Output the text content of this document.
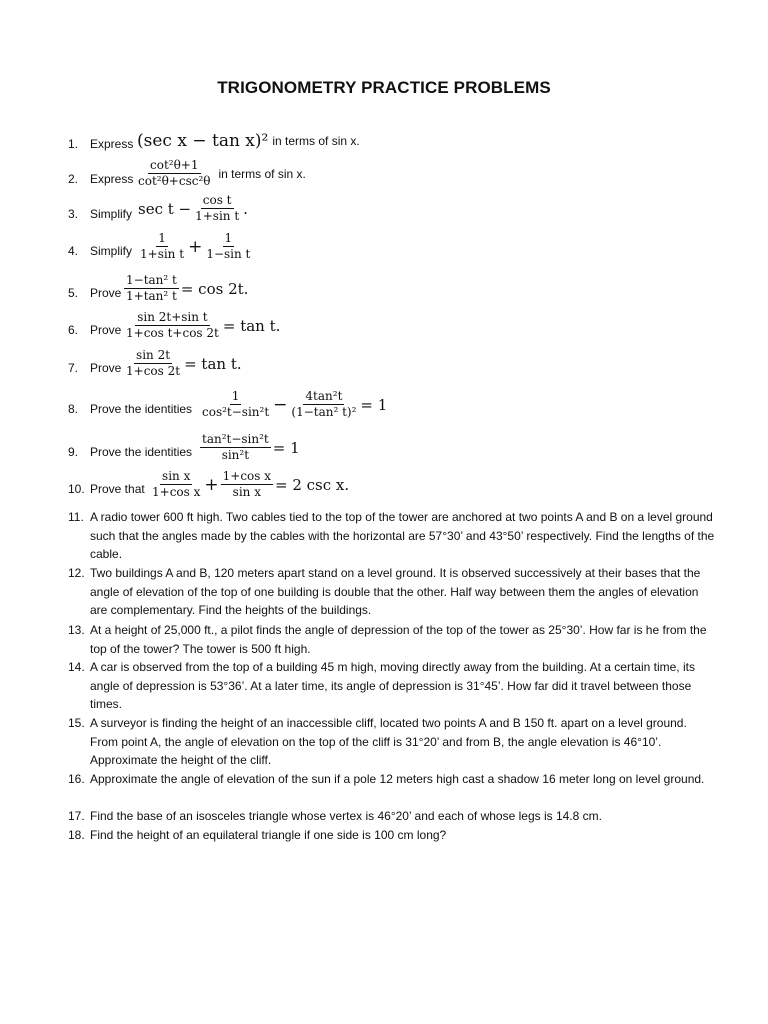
TRIGONOMETRY PRACTICE PROBLEMS
1. Express (sec x − tan x)² in terms of sin x.
2. Express $\frac{\text{cot²θ+1}}{\text{cot²θ+csc²θ}}$ in terms of sin x.
3. Simplify $\sec t - \frac{\text{cos t}}{\text{1+sin t}}$ .
4. Simplify $\frac{1}{\text{1+sin t}} + \frac{1}{\text{1−sin t}}$
5. Prove $\frac{\text{1−tan² t}}{\text{1+tan² t}} = \cos 2t$.
6. Prove $\frac{\text{sin 2t+sin t}}{\text{1+cos t+cos 2t}} = \tan t$.
7. Prove $\frac{\sin 2t}{1+\cos 2t} = \tan t$.
8. Prove the identities $\frac{1}{\text{cos²t−sin²t}} - \frac{\text{4tan²t}}{\text{(1−tan² t)²}} = 1$
9. Prove the identities $\frac{\text{tan²t−sin²t}}{\text{sin²t}} = 1$
10. Prove that $\frac{\text{sin x}}{\text{1+cos x}} + \frac{\text{1+cos x}}{\text{sin x}} = 2$ csc x.
11. A radio tower 600 ft high. Two cables tied to the top of the tower are anchored at two points A and B on a level ground such that the angles made by the cables with the horizontal are 57°30’ and 43°50’ respectively. Find the lengths of the cable.
12. Two buildings A and B, 120 meters apart stand on a level ground. It is observed successively at their bases that the angle of elevation of the top of one building is double that the other. Half way between them the angles of elevation are complementary. Find the heights of the buildings.
13. At a height of 25,000 ft., a pilot finds the angle of depression of the top of the tower as 25°30’. How far is he from the top of the tower? The tower is 500 ft high.
14. A car is observed from the top of a building 45 m high, moving directly away from the building. At a certain time, its angle of depression is 53°36’. At a later time, its angle of depression is 31°45’. How far did it travel between those times.
15. A surveyor is finding the height of an inaccessible cliff, located two points A and B 150 ft. apart on a level ground. From point A, the angle of elevation on the top of the cliff is 31°20’ and from B, the angle elevation is 46°10’. Approximate the height of the cliff.
16. Approximate the angle of elevation of the sun if a pole 12 meters high cast a shadow 16 meter long on level ground.
17. Find the base of an isosceles triangle whose vertex is 46°20’ and each of whose legs is 14.8 cm.
18. Find the height of an equilateral triangle if one side is 100 cm long?
